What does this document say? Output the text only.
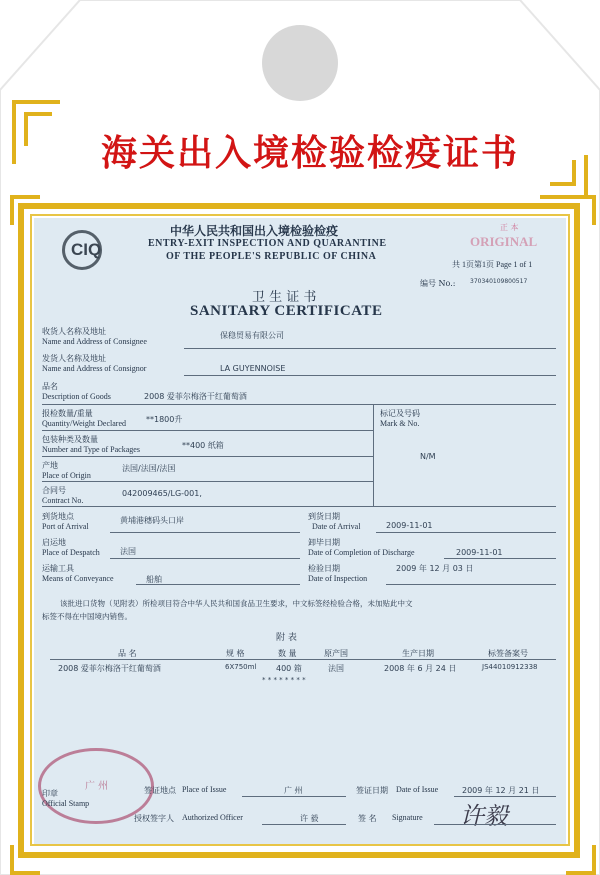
海关出入境检验检疫证书
CIQ
中华人民共和国出入境检验检疫
ENTRY-EXIT INSPECTION AND QUARANTINE
OF THE PEOPLE'S REPUBLIC OF CHINA
正 本
ORIGINAL
共 1页第1页 Page 1 of 1
编号 No.: 370340109800517
卫 生 证 书
SANITARY CERTIFICATE
收货人名称及地址
Name and Address of Consignee
保稳贸易有限公司
发货人名称及地址
Name and Address of Consignor	LA GUYENNOISE
品名
Description of Goods	2008 爱菲尔梅洛干红葡萄酒
标记及号码
Mark & No.
N/M
报检数量/重量
Quantity/Weight Declared	**1800升
包装种类及数量
Number and Type of Packages	**400 纸箱
产地
Place of Origin
法国/法国/法国
合同号
Contract No.
042009465/LG-001,
到货地点
Port of Arrival
黄埔港穗码头口岸	到货日期
Date of Arrival	2009-11-01
启运地
Place of Despatch	法国
卸毕日期
Date of Completion of Discharge	2009-11-01
运输工具
Means of Conveyance	船舶
检验日期
Date of Inspection
2009 年 12 月 03 日
该批进口货物（见附表）所检项目符合中华人民共和国食品卫生要求，中文标签经检验合格，未加贴此中文
标签不得在中国境内销售。
附 表
品 名	规 格	数 量	原产国	生产日期	标签备案号
2008 爱菲尔梅洛干红葡萄酒	6X750ml 400 箱	法国	2008 年 6 月 24 日	JS44010912338
* * * * * * * *
广 州
印章
Official Stamp
签证地点 Place of Issue	广 州	签证日期 Date of Issue	2009 年 12 月 21 日
授权签字人 Authorized Officer	许 毅	签 名 Signature 许毅
